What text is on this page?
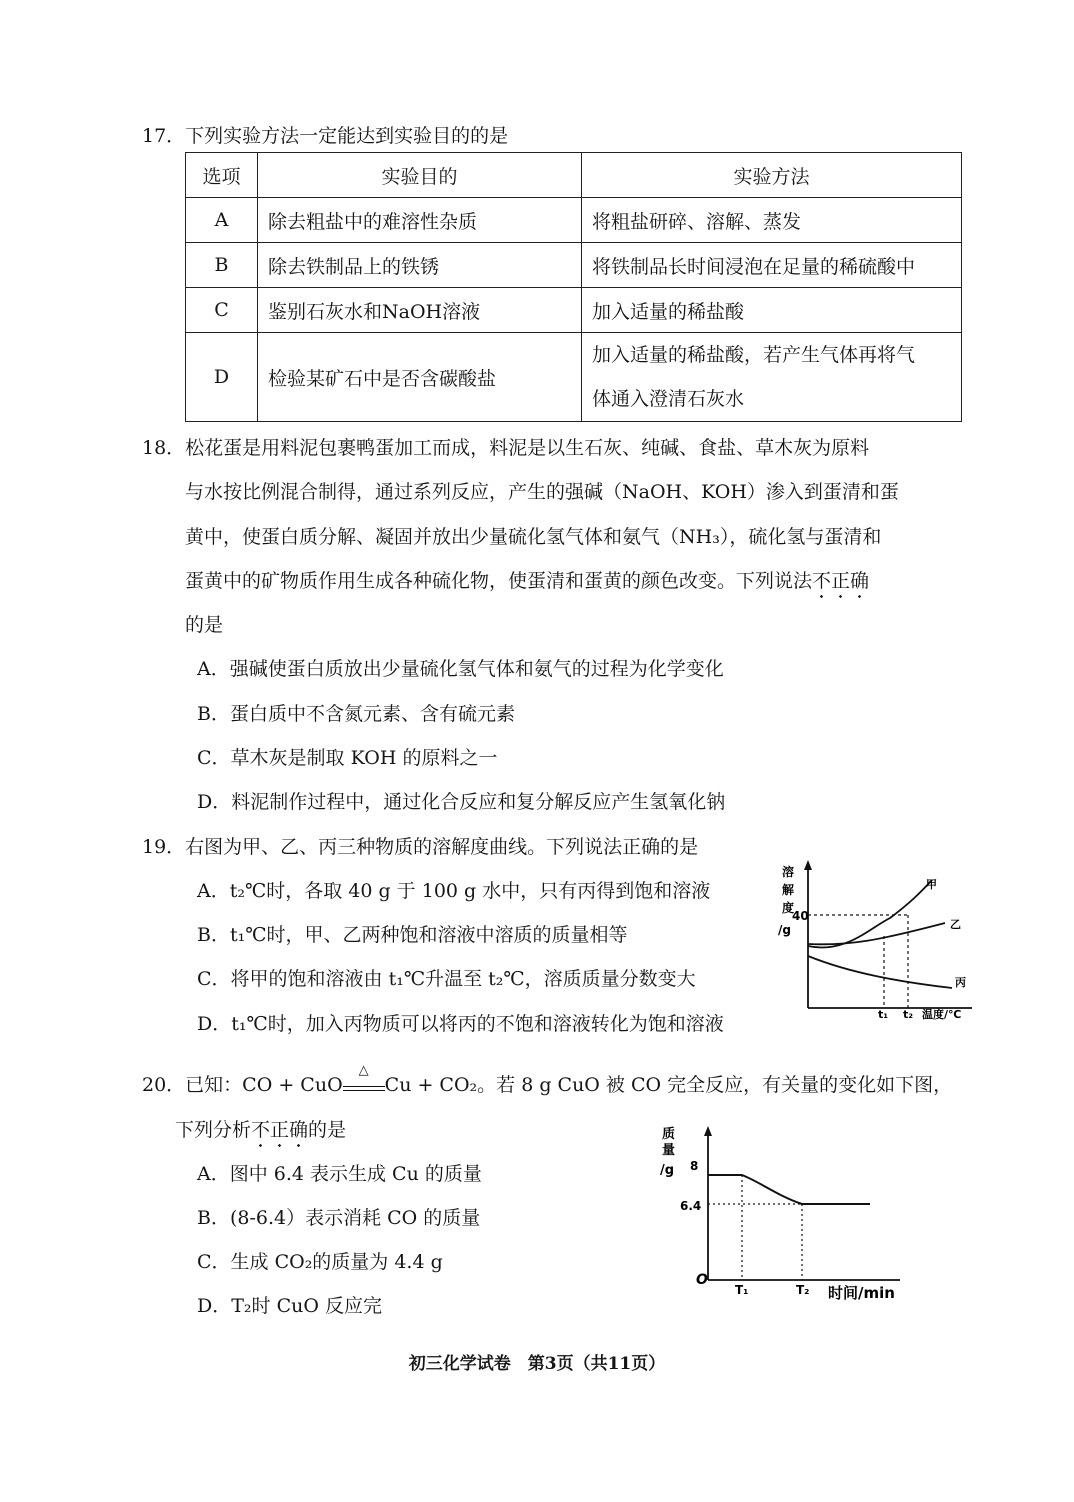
17．下列实验方法一定能达到实验目的的是
选项	实验目的	实验方法
A	除去粗盐中的难溶性杂质	将粗盐研碎、溶解、蒸发
B	除去铁制品上的铁锈	将铁制品长时间浸泡在足量的稀硫酸中
C	鉴别石灰水和NaOH溶液	加入适量的稀盐酸
D	检验某矿石中是否含碳酸盐	加入适量的稀盐酸，若产生气体再将气
体通入澄清石灰水
18．松花蛋是用料泥包裹鸭蛋加工而成，料泥是以生石灰、纯碱、食盐、草木灰为原料
与水按比例混合制得，通过系列反应，产生的强碱（NaOH、KOH）渗入到蛋清和蛋
黄中，使蛋白质分解、凝固并放出少量硫化氢气体和氨气（NH₃），硫化氢与蛋清和
蛋黄中的矿物质作用生成各种硫化物，使蛋清和蛋黄的颜色改变。下列说法不正确
的是
A．强碱使蛋白质放出少量硫化氢气体和氨气的过程为化学变化
B．蛋白质中不含氮元素、含有硫元素
C．草木灰是制取 KOH 的原料之一
D．料泥制作过程中，通过化合反应和复分解反应产生氢氧化钠
19．右图为甲、乙、丙三种物质的溶解度曲线。下列说法正确的是
A．t₂℃时，各取 40 g 于 100 g 水中，只有丙得到饱和溶液
B．t₁℃时，甲、乙两种饱和溶液中溶质的质量相等
C．将甲的饱和溶液由 t₁℃升温至 t₂℃，溶质质量分数变大
D．t₁℃时，加入丙物质可以将丙的不饱和溶液转化为饱和溶液
溶
解
度
/g
40
甲
乙
丙
t₁ t₂ 温度/℃
20．已知：CO + CuO
△
Cu + CO₂。若 8 g CuO 被 CO 完全反应，有关量的变化如下图，
下列分析不正确的是
A．图中 6.4 表示生成 Cu 的质量
B．(8-6.4）表示消耗 CO 的质量
C．生成 CO₂的质量为 4.4 g
D．T₂时 CuO 反应完
质
量
/g 8
6.4
O
T₁	T₂ 时间/min
初三化学试卷　第3页（共11页）
